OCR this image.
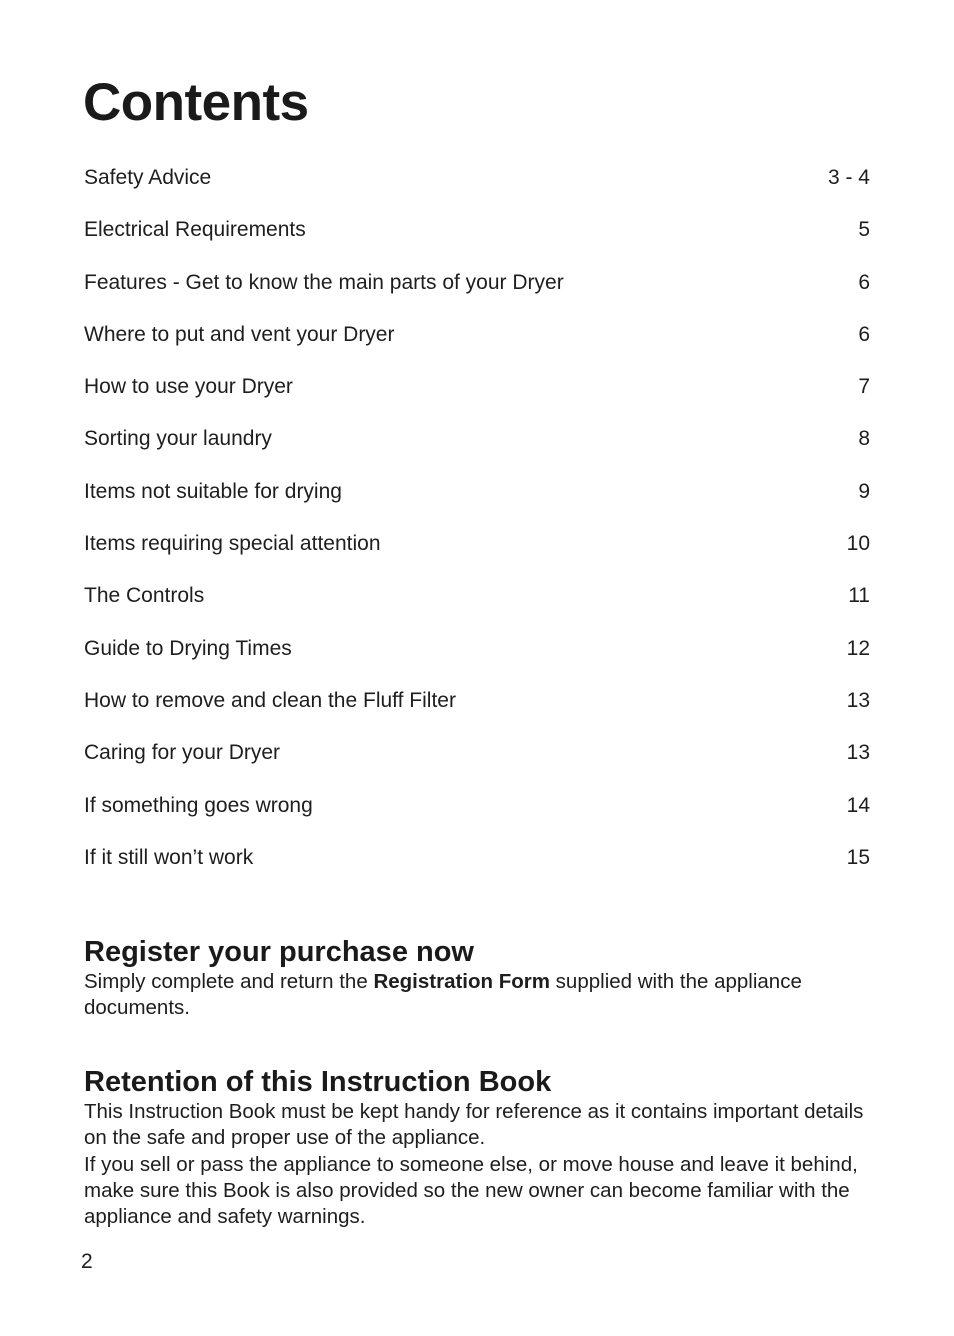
Contents
Safety Advice	3 - 4
Electrical Requirements	5
Features - Get to know the main parts of your Dryer	6
Where to put and vent your Dryer	6
How to use your Dryer	7
Sorting your laundry	8
Items not suitable for drying	9
Items requiring special attention	10
The Controls	11
Guide to Drying Times	12
How to remove and clean the Fluff Filter	13
Caring for your Dryer	13
If something goes wrong	14
If it still won’t work	15
Register your purchase now

Simply complete and return the Registration Form supplied with the appliance documents.

Retention of this Instruction Book

This Instruction Book must be kept handy for reference as it contains important details on the safe and proper use of the appliance.

If you sell or pass the appliance to someone else, or move house and leave it behind, make sure this Book is also provided so the new owner can become familiar with the appliance and safety warnings.

2
